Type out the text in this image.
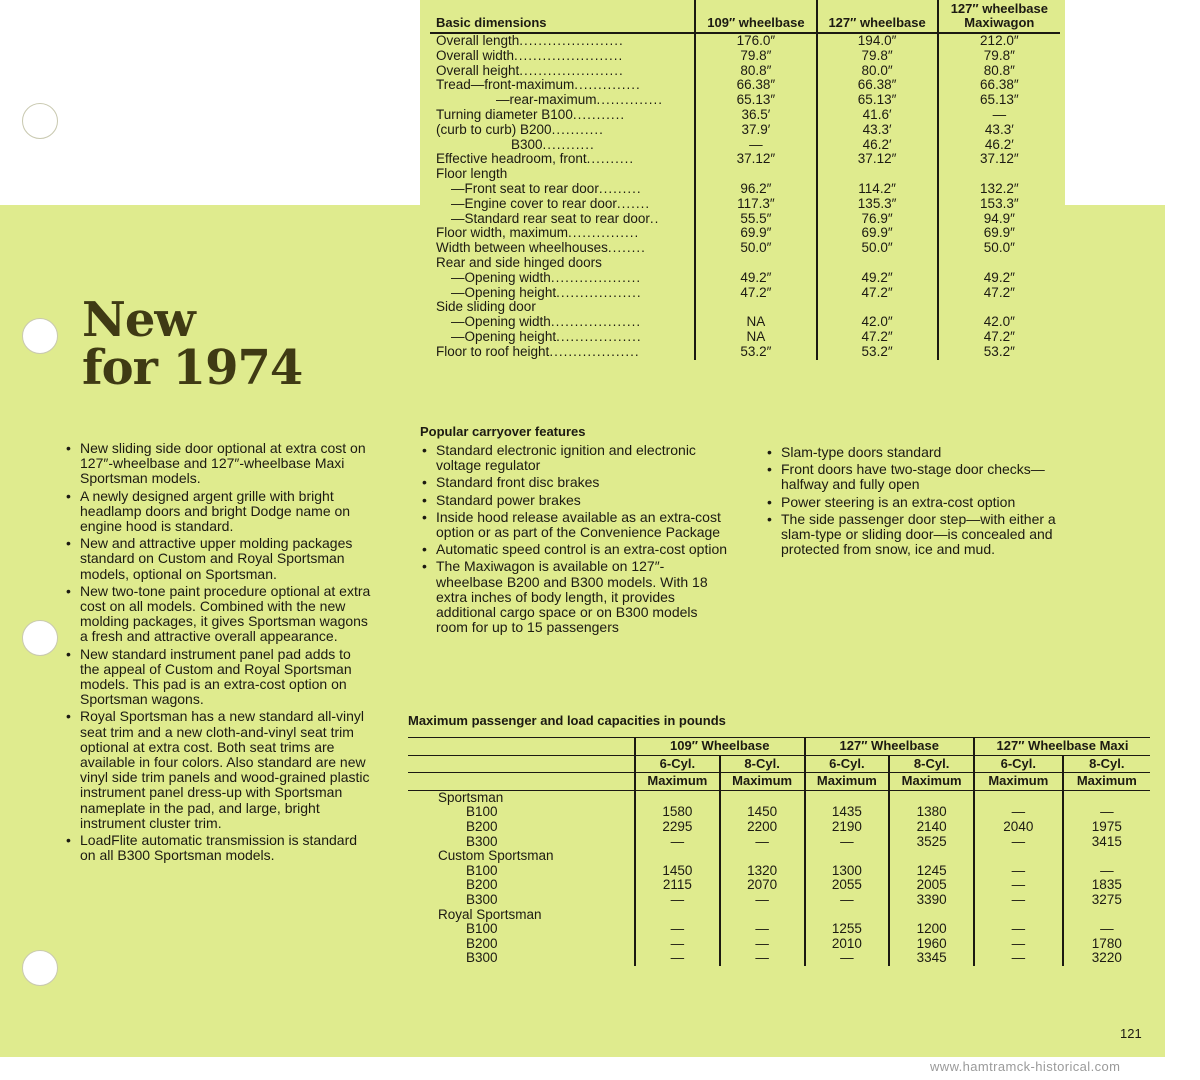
Basic dimensions	109″ wheelbase	127″ wheelbase	127″ wheelbase Maxiwagon
Overall length......................	176.0″	194.0″	212.0″
Overall width.......................	79.8″	79.8″	79.8″
Overall height......................	80.8″	80.0″	80.8″
Tread—front-maximum..............	66.38″	66.38″	66.38″
—rear-maximum..............	65.13″	65.13″	65.13″
Turning diameter B100...........	36.5′	41.6′	—
(curb to curb) B200...........	37.9′	43.3′	43.3′
B300...........	—	46.2′	46.2′
Effective headroom, front..........	37.12″	37.12″	37.12″
Floor length			
—Front seat to rear door.........	96.2″	114.2″	132.2″
—Engine cover to rear door.......	117.3″	135.3″	153.3″
—Standard rear seat to rear door..	55.5″	76.9″	94.9″
Floor width, maximum...............	69.9″	69.9″	69.9″
Width between wheelhouses........	50.0″	50.0″	50.0″
Rear and side hinged doors			
—Opening width...................	49.2″	49.2″	49.2″
—Opening height..................	47.2″	47.2″	47.2″
Side sliding door			
—Opening width...................	NA	42.0″	42.0″
—Opening height..................	NA	47.2″	47.2″
Floor to roof height...................	53.2″	53.2″	53.2″
New
for 1974
• New sliding side door optional at extra cost on 127″-wheelbase and 127″-wheelbase Maxi Sportsman models.
• A newly designed argent grille with bright headlamp doors and bright Dodge name on engine hood is standard.
• New and attractive upper molding packages standard on Custom and Royal Sportsman models, optional on Sportsman.
• New two-tone paint procedure optional at extra cost on all models. Combined with the new molding packages, it gives Sportsman wagons a fresh and attractive overall appearance.
• New standard instrument panel pad adds to the appeal of Custom and Royal Sportsman models. This pad is an extra-cost option on Sportsman wagons.
• Royal Sportsman has a new standard all-vinyl seat trim and a new cloth-and-vinyl seat trim optional at extra cost. Both seat trims are available in four colors. Also standard are new vinyl side trim panels and wood-grained plastic instrument panel dress-up with Sportsman nameplate in the pad, and large, bright instrument cluster trim.
• LoadFlite automatic transmission is standard on all B300 Sportsman models.
Popular carryover features
• Standard electronic ignition and electronic voltage regulator
• Standard front disc brakes
• Standard power brakes
• Inside hood release available as an extra-cost option or as part of the Convenience Package
• Automatic speed control is an extra-cost option
• The Maxiwagon is available on 127″-wheelbase B200 and B300 models. With 18 extra inches of body length, it provides additional cargo space or on B300 models room for up to 15 passengers
• Slam-type doors standard
• Front doors have two-stage door checks—halfway and fully open
• Power steering is an extra-cost option
• The side passenger door step—with either a slam-type or sliding door—is concealed and protected from snow, ice and mud.
Maximum passenger and load capacities in pounds
	109″ Wheelbase		127″ Wheelbase		127″ Wheelbase Maxi	
	6-Cyl.	8-Cyl.	6-Cyl.	8-Cyl.	6-Cyl.	8-Cyl.
	Maximum	Maximum	Maximum	Maximum	Maximum	Maximum
Sportsman						
B100	1580	1450	1435	1380	—	—
B200	2295	2200	2190	2140	2040	1975
B300	—	—	—	3525	—	3415
Custom Sportsman						
B100	1450	1320	1300	1245	—	—
B200	2115	2070	2055	2005	—	1835
B300	—	—	—	3390	—	3275
Royal Sportsman						
B100	—	—	1255	1200	—	—
B200	—	—	2010	1960	—	1780
B300	—	—	—	3345	—	3220
121
www.hamtramck-historical.com
